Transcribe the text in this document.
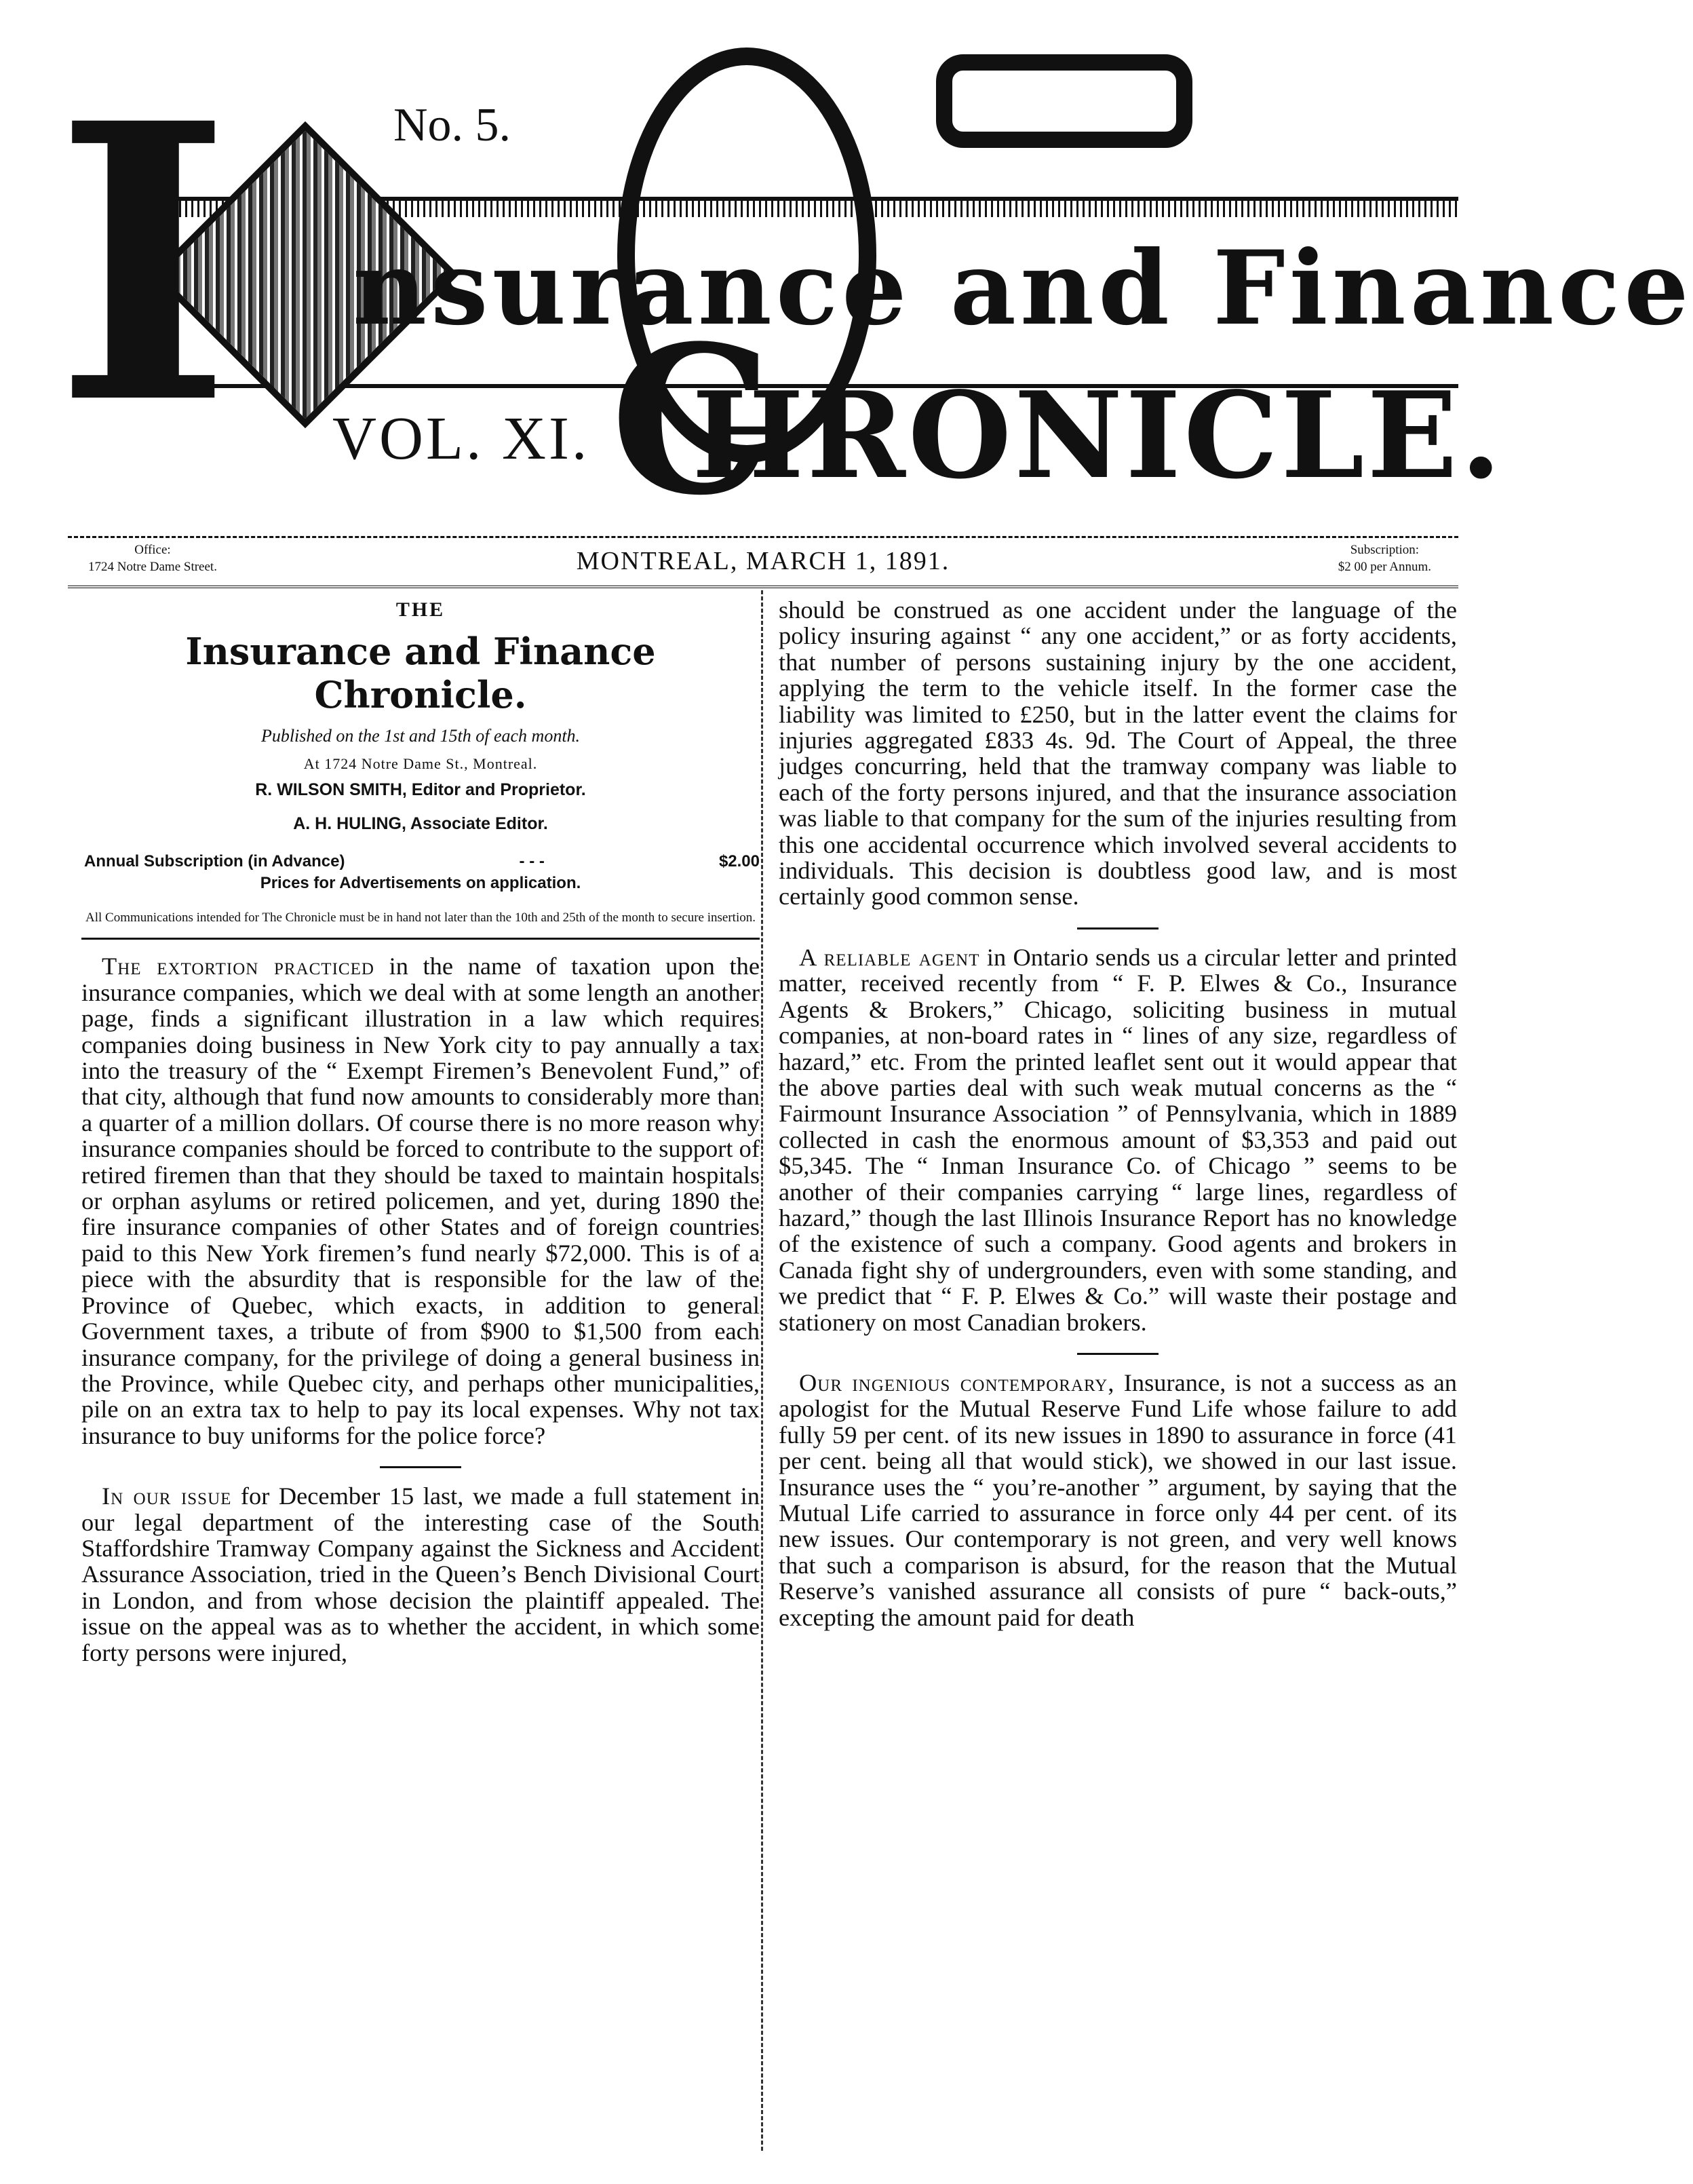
I nsurance and Finance
C
HRONICLE.
No. 5.
VOL. XI.
Office:
1724 Notre Dame Street.	MONTREAL, MARCH 1, 1891.	Subscription:
$2 00 per Annum.
THE
Insurance and Finance Chronicle.
Published on the 1st and 15th of each month.
At 1724 Notre Dame St., Montreal.
R. WILSON SMITH, Editor and Proprietor.
A. H. HULING, Associate Editor.
Annual Subscription (in Advance)	- - -	$2.00
Prices for Advertisements on application.
All Communications intended for The Chronicle must be in hand not later than the 10th and 25th of the month to secure insertion.

The extortion practiced in the name of taxation upon the insurance companies, which we deal with at some length an another page, finds a significant illustration in a law which requires companies doing business in New York city to pay annually a tax into the treasury of the “ Exempt Firemen’s Benevolent Fund,” of that city, although that fund now amounts to considerably more than a quarter of a million dollars. Of course there is no more reason why insurance companies should be forced to contribute to the support of retired firemen than that they should be taxed to maintain hospitals or orphan asylums or retired policemen, and yet, during 1890 the fire insurance companies of other States and of foreign countries paid to this New York firemen’s fund nearly $72,000. This is of a piece with the absurdity that is responsible for the law of the Province of Quebec, which exacts, in addition to general Government taxes, a tribute of from $900 to $1,500 from each insurance company, for the privilege of doing a general business in the Province, while Quebec city, and perhaps other municipalities, pile on an extra tax to help to pay its local expenses. Why not tax insurance to buy uniforms for the police force?

In our issue for December 15 last, we made a full statement in our legal department of the interesting case of the South Staffordshire Tramway Company against the Sickness and Accident Assurance Association, tried in the Queen’s Bench Divisional Court in London, and from whose decision the plaintiff appealed. The issue on the appeal was as to whether the accident, in which some forty persons were injured,

should be construed as one accident under the language of the policy insuring against “ any one accident,” or as forty accidents, that number of persons sustaining injury by the one accident, applying the term to the vehicle itself. In the former case the liability was limited to £250, but in the latter event the claims for injuries aggregated £833 4s. 9d. The Court of Appeal, the three judges concurring, held that the tramway company was liable to each of the forty persons injured, and that the insurance association was liable to that company for the sum of the injuries resulting from this one accidental occurrence which involved several accidents to individuals. This decision is doubtless good law, and is most certainly good common sense.

A reliable agent in Ontario sends us a circular letter and printed matter, received recently from “ F. P. Elwes & Co., Insurance Agents & Brokers,” Chicago, soliciting business in mutual companies, at non-board rates in “ lines of any size, regardless of hazard,” etc. From the printed leaflet sent out it would appear that the above parties deal with such weak mutual concerns as the “ Fairmount Insurance Association ” of Pennsylvania, which in 1889 collected in cash the enormous amount of $3,353 and paid out $5,345. The “ Inman Insurance Co. of Chicago ” seems to be another of their companies carrying “ large lines, regardless of hazard,” though the last Illinois Insurance Report has no knowledge of the existence of such a company. Good agents and brokers in Canada fight shy of undergrounders, even with some standing, and we predict that “ F. P. Elwes & Co.” will waste their postage and stationery on most Canadian brokers.

Our ingenious contemporary, Insurance, is not a success as an apologist for the Mutual Reserve Fund Life whose failure to add fully 59 per cent. of its new issues in 1890 to assurance in force (41 per cent. being all that would stick), we showed in our last issue. Insurance uses the “ you’re-another ” argument, by saying that the Mutual Life carried to assurance in force only 44 per cent. of its new issues. Our contemporary is not green, and very well knows that such a comparison is absurd, for the reason that the Mutual Reserve’s vanished assurance all consists of pure “ back-outs,” excepting the amount paid for death
